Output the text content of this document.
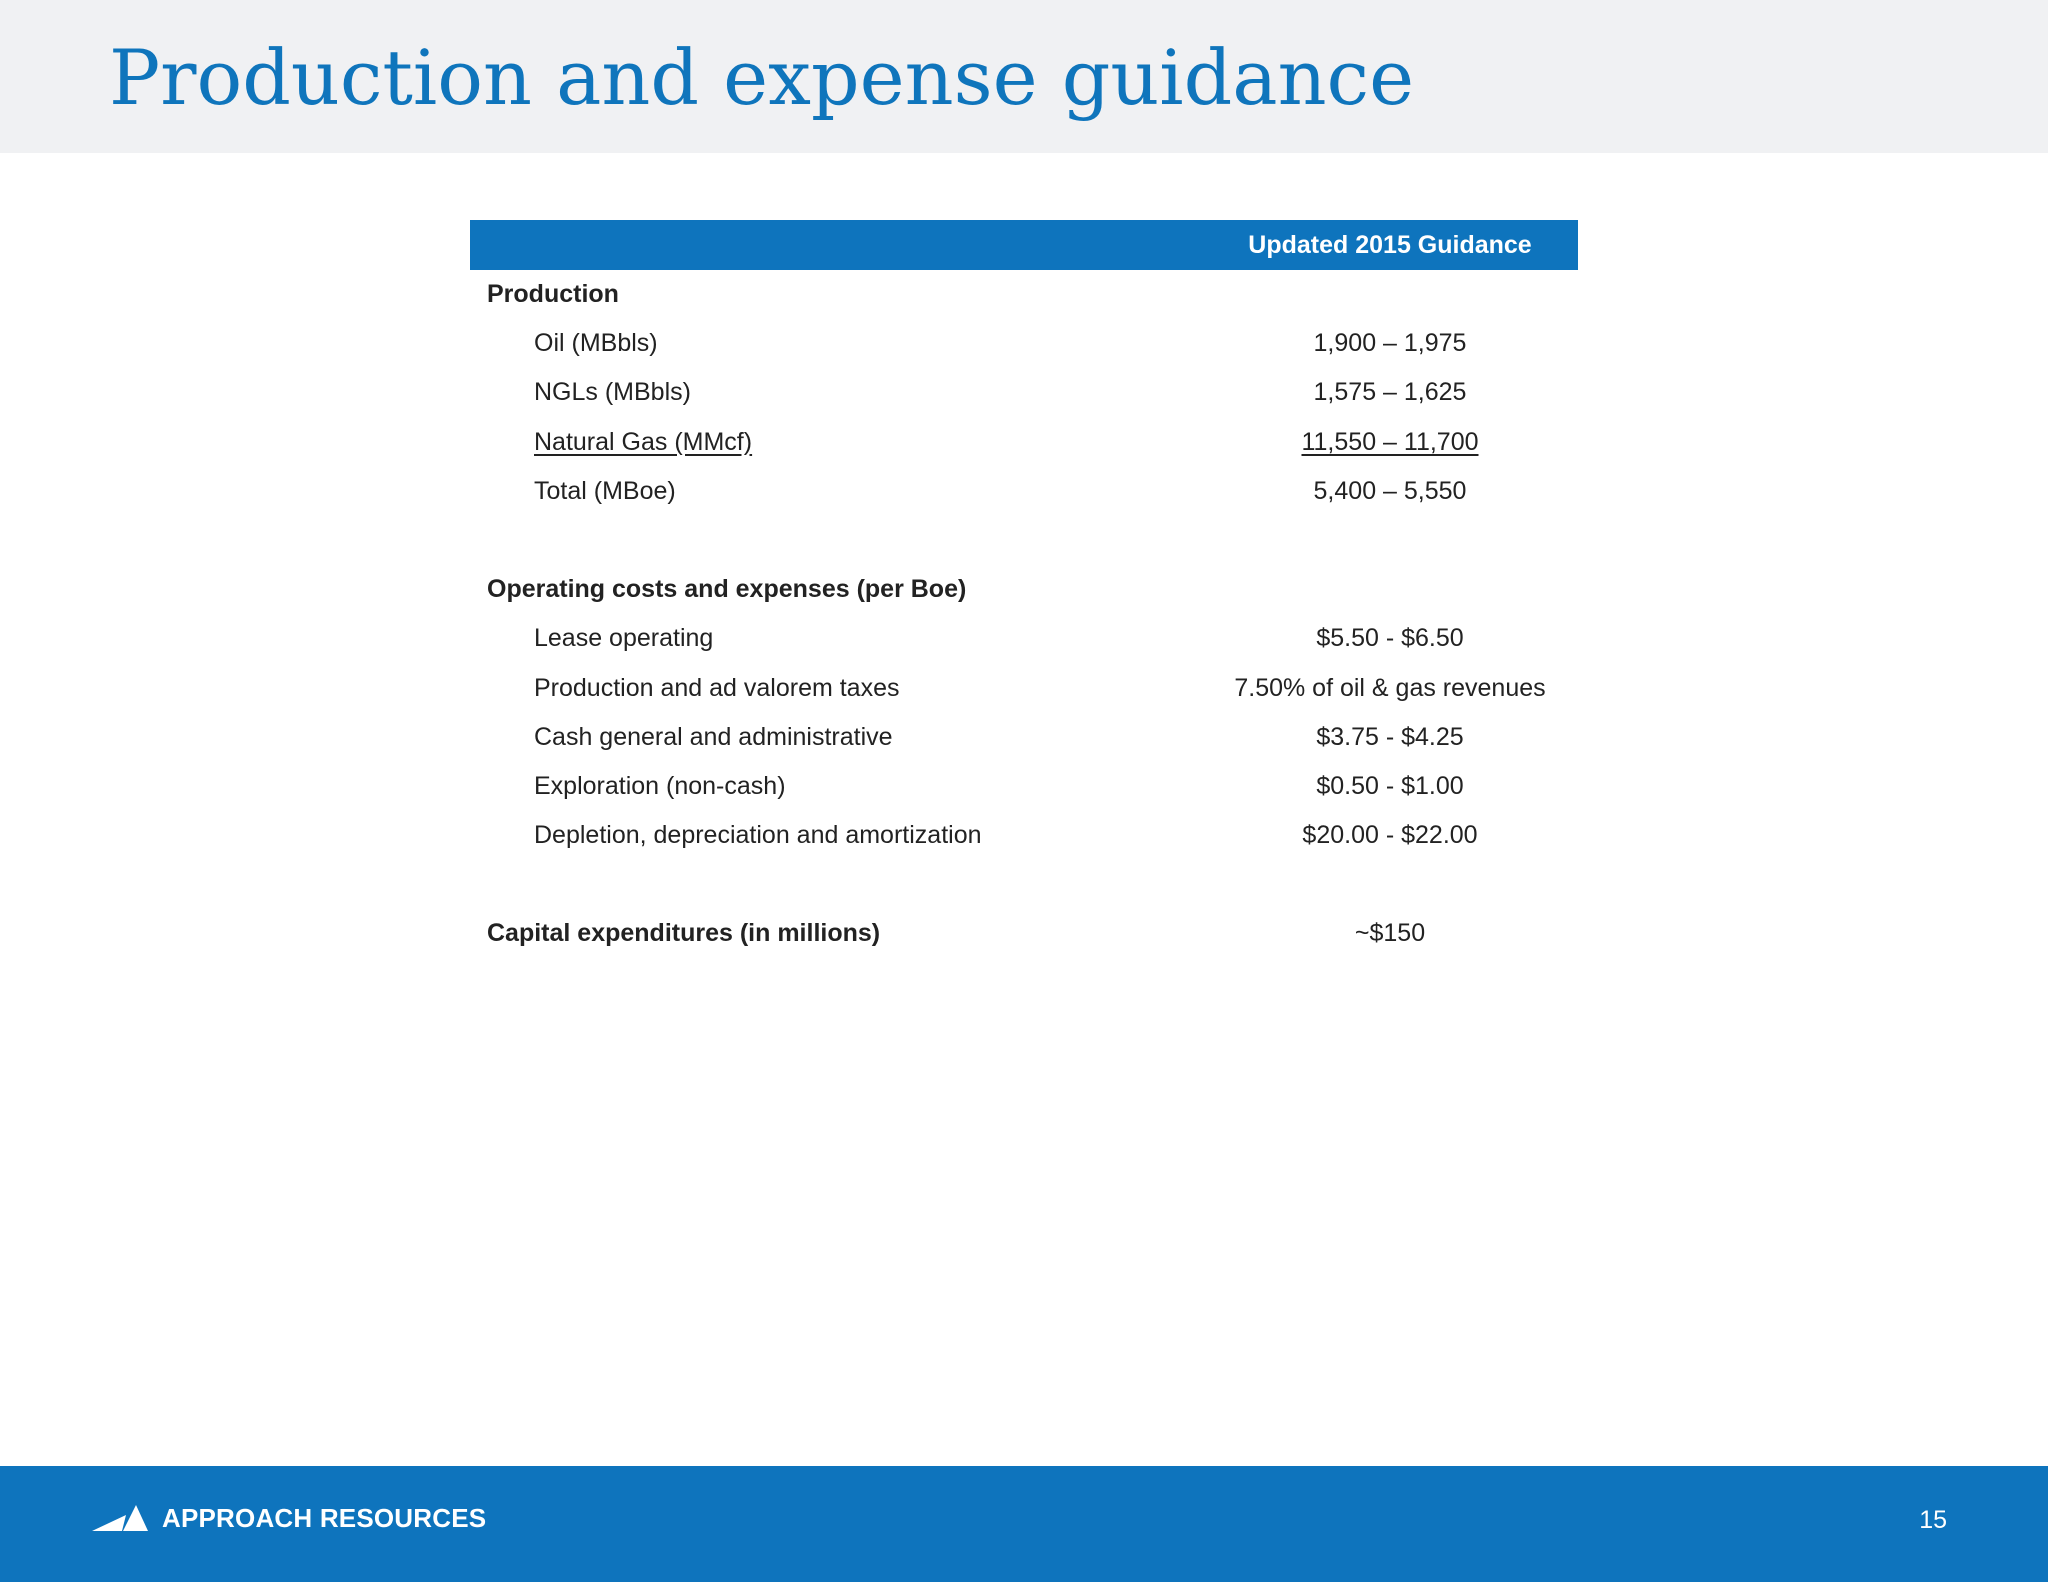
Production and expense guidance
Updated 2015 Guidance
Production
Oil (MBbls)	1,900 – 1,975
NGLs (MBbls)	1,575 – 1,625
Natural Gas (MMcf)	11,550 – 11,700
Total (MBoe)	5,400 – 5,550
Operating costs and expenses (per Boe)
Lease operating	$5.50 - $6.50
Production and ad valorem taxes	7.50% of oil & gas revenues
Cash general and administrative	$3.75 - $4.25
Exploration (non-cash)	$0.50 - $1.00
Depletion, depreciation and amortization	$20.00 - $22.00
Capital expenditures (in millions)	~$150
APPROACH RESOURCES	15
